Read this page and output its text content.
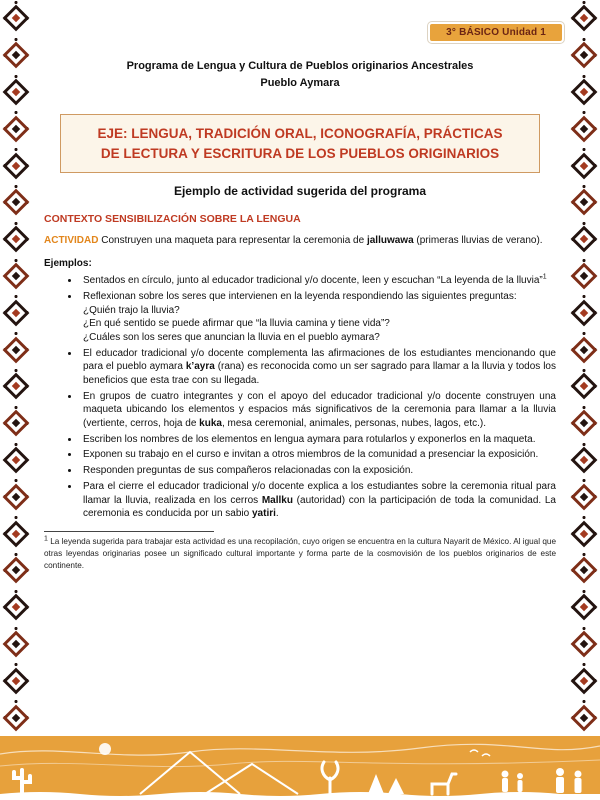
3° BÁSICO Unidad 1
Programa de Lengua y Cultura de Pueblos originarios Ancestrales
Pueblo Aymara
EJE: LENGUA, TRADICIÓN ORAL, ICONOGRAFÍA, PRÁCTICAS
DE LECTURA Y ESCRITURA DE LOS PUEBLOS ORIGINARIOS
Ejemplo de actividad sugerida del programa
CONTEXTO SENSIBILIZACIÓN SOBRE LA LENGUA

ACTIVIDAD Construyen una maqueta para representar la ceremonia de jalluwawa (primeras lluvias de verano).

Ejemplos:
• Sentados en círculo, junto al educador tradicional y/o docente, leen y escuchan “La leyenda de la lluvia”$^1$
• Reflexionan sobre los seres que intervienen en la leyenda respondiendo las siguientes preguntas:
¿Quién trajo la lluvia?
¿En qué sentido se puede afirmar que “la lluvia camina y tiene vida”?
¿Cuáles son los seres que anuncian la lluvia en el pueblo aymara?
• El educador tradicional y/o docente complementa las afirmaciones de los estudiantes mencionando que para el pueblo aymara k’ayra (rana) es reconocida como un ser sagrado para llamar a la lluvia y todos los beneficios que esta trae con su llegada.
• En grupos de cuatro integrantes y con el apoyo del educador tradicional y/o docente construyen una maqueta ubicando los elementos y espacios más significativos de la ceremonia para llamar a la lluvia (vertiente, cerros, hoja de kuka, mesa ceremonial, animales, personas, nubes, lagos, etc.).
• Escriben los nombres de los elementos en lengua aymara para rotularlos y exponerlos en la maqueta.
• Exponen su trabajo en el curso e invitan a otros miembros de la comunidad a presenciar la exposición.
• Responden preguntas de sus compañeros relacionadas con la exposición.
• Para el cierre el educador tradicional y/o docente explica a los estudiantes sobre la ceremonia ritual para llamar la lluvia, realizada en los cerros Mallku (autoridad) con la participación de toda la comunidad. La ceremonia es conducida por un sabio yatiri.

1 La leyenda sugerida para trabajar esta actividad es una recopilación, cuyo origen se encuentra en la cultura Nayarit de México. Al igual que otras leyendas originarias posee un significado cultural importante y forma parte de la cosmovisión de los pueblos originarios de este continente.
